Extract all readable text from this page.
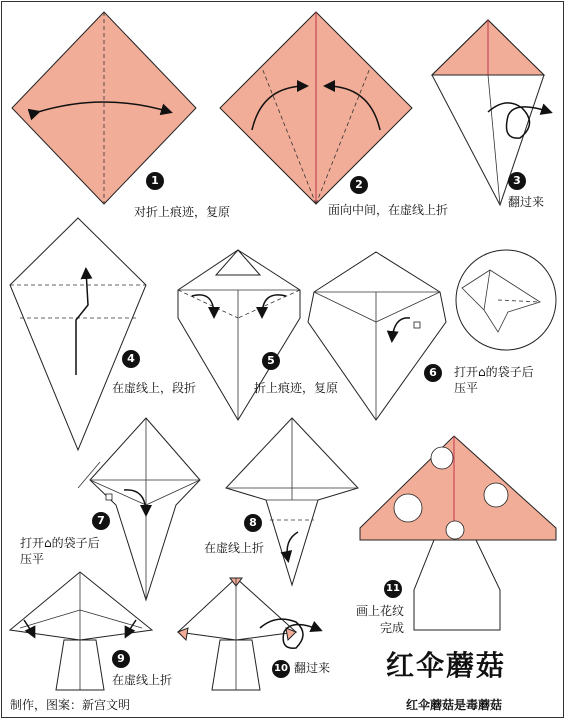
1
对折上痕迹，复原
2
面向中间，在虚线上折
3
翻过来
4
在虚线上，段折
5
折上痕迹，复原
6	打开⌂的袋子后
压平
7
打开⌂的袋子后
压平
8
在虚线上折
9
在虚线上折
10 翻过来
11
画上花纹
完成
红伞蘑菇
红伞蘑菇是毒蘑菇
制作，图案：新宫文明
